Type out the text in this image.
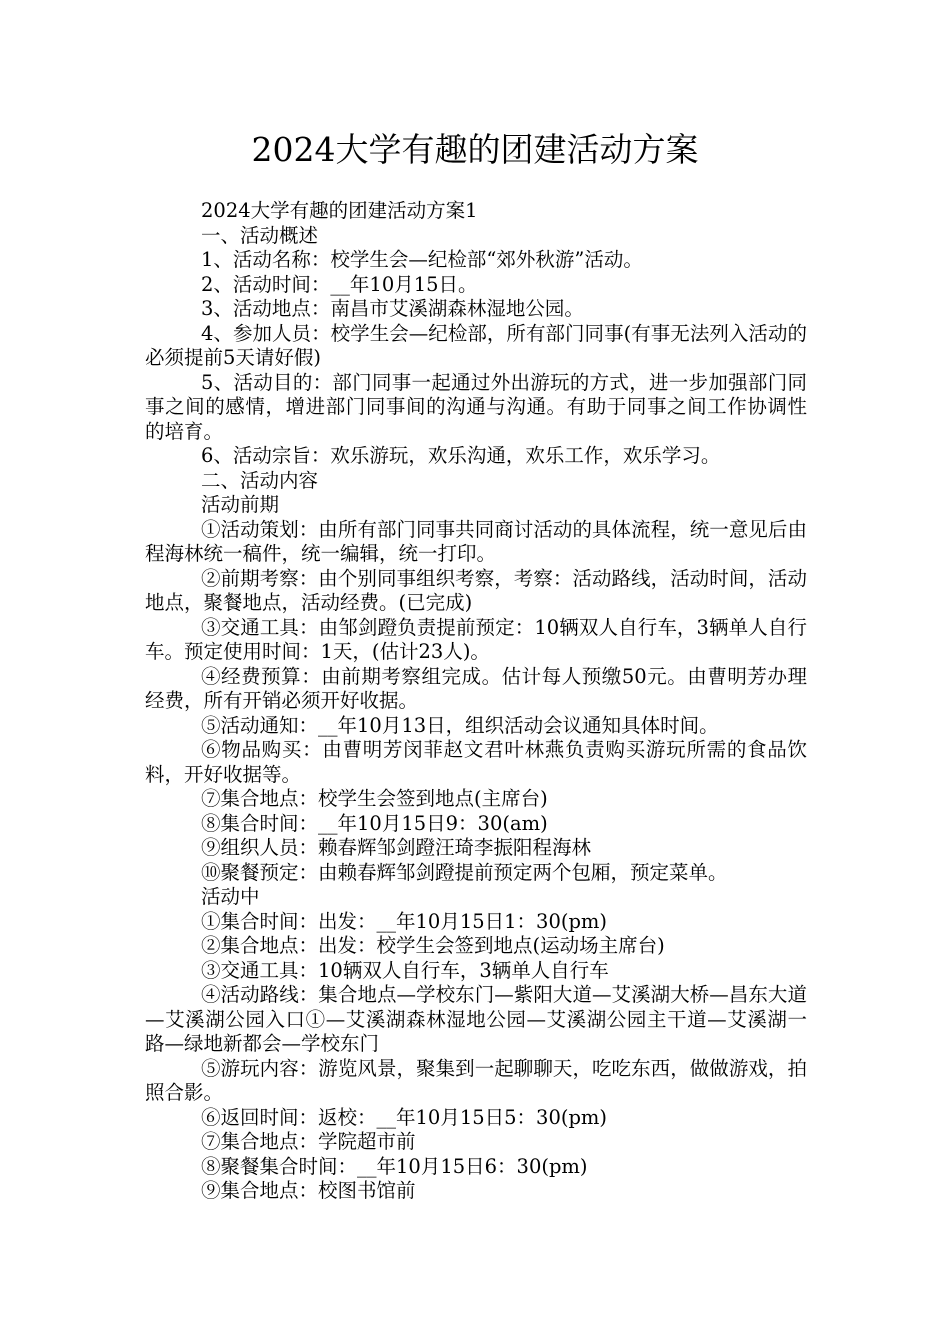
2024大学有趣的团建活动方案

2024大学有趣的团建活动方案1

一、活动概述

1、活动名称：校学生会—纪检部“郊外秋游”活动。

2、活动时间：__年10月15日。

3、活动地点：南昌市艾溪湖森林湿地公园。

4、参加人员：校学生会—纪检部，所有部门同事(有事无法列入活动的必须提前5天请好假)

5、活动目的：部门同事一起通过外出游玩的方式，进一步加强部门同事之间的感情，增进部门同事间的沟通与沟通。有助于同事之间工作协调性的培育。

6、活动宗旨：欢乐游玩，欢乐沟通，欢乐工作，欢乐学习。

二、活动内容

活动前期

①活动策划：由所有部门同事共同商讨活动的具体流程，统一意见后由程海林统一稿件，统一编辑，统一打印。

②前期考察：由个别同事组织考察，考察：活动路线，活动时间，活动地点，聚餐地点，活动经费。(已完成)

③交通工具：由邹剑蹬负责提前预定：10辆双人自行车，3辆单人自行车。预定使用时间：1天，(估计23人)。

④经费预算：由前期考察组完成。估计每人预缴50元。由曹明芳办理经费，所有开销必须开好收据。

⑤活动通知：__年10月13日，组织活动会议通知具体时间。

⑥物品购买：由曹明芳闵菲赵文君叶林燕负责购买游玩所需的食品饮料，开好收据等。

⑦集合地点：校学生会签到地点(主席台)

⑧集合时间：__年10月15日9：30(am)

⑨组织人员：赖春辉邹剑蹬汪琦李振阳程海林

⑩聚餐预定：由赖春辉邹剑蹬提前预定两个包厢，预定菜单。

活动中

①集合时间：出发：__年10月15日1：30(pm)

②集合地点：出发：校学生会签到地点(运动场主席台)

③交通工具：10辆双人自行车，3辆单人自行车

④活动路线：集合地点—学校东门—紫阳大道—艾溪湖大桥—昌东大道—艾溪湖公园入口①—艾溪湖森林湿地公园—艾溪湖公园主干道—艾溪湖一路—绿地新都会—学校东门

⑤游玩内容：游览风景，聚集到一起聊聊天，吃吃东西，做做游戏，拍照合影。

⑥返回时间：返校：__年10月15日5：30(pm)

⑦集合地点：学院超市前

⑧聚餐集合时间：__年10月15日6：30(pm)

⑨集合地点：校图书馆前
